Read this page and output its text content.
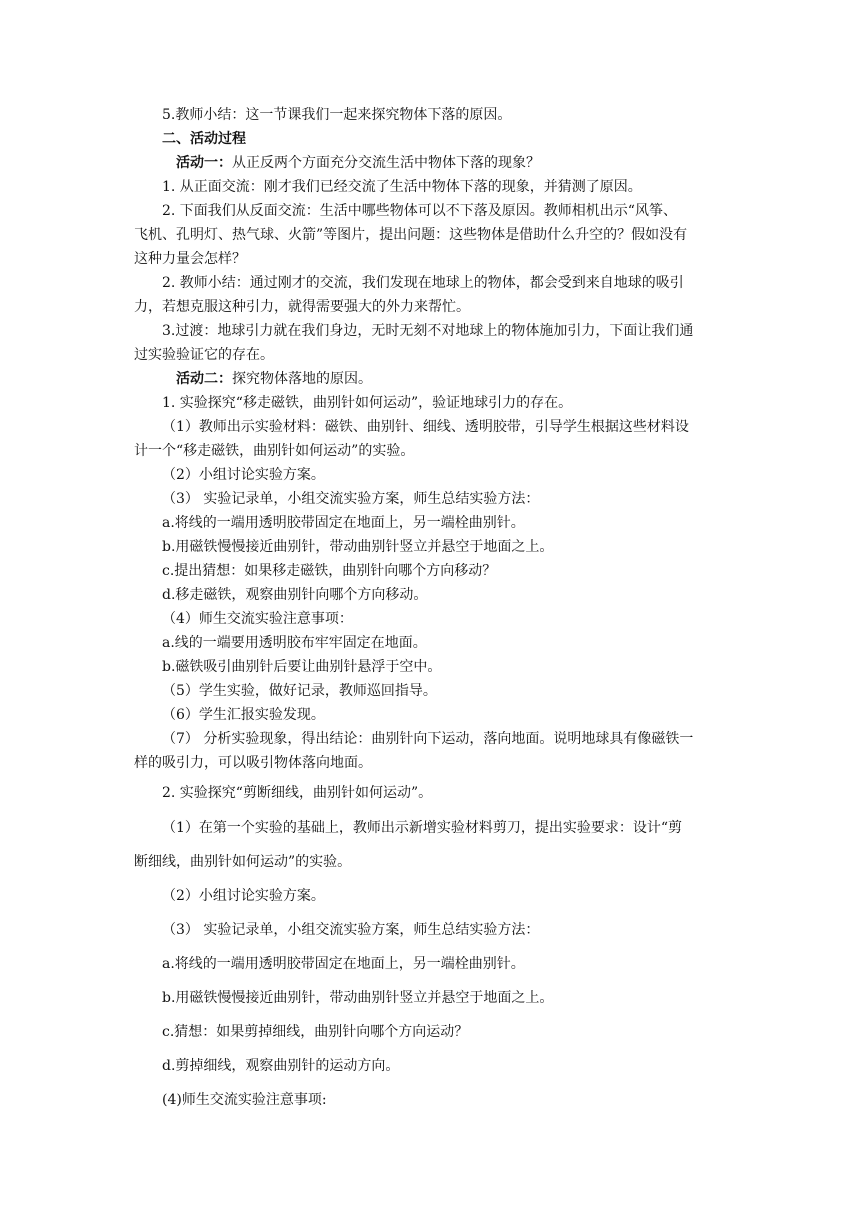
5.教师小结：这一节课我们一起来探究物体下落的原因。
二、活动过程
活动一：从正反两个方面充分交流生活中物体下落的现象？
1. 从正面交流：刚才我们已经交流了生活中物体下落的现象，并猜测了原因。
2. 下面我们从反面交流：生活中哪些物体可以不下落及原因。教师相机出示“风筝、
飞机、孔明灯、热气球、火箭”等图片，提出问题：这些物体是借助什么升空的？假如没有
这种力量会怎样？
2. 教师小结：通过刚才的交流，我们发现在地球上的物体，都会受到来自地球的吸引
力，若想克服这种引力，就得需要强大的外力来帮忙。
3.过渡：地球引力就在我们身边，无时无刻不对地球上的物体施加引力，下面让我们通
过实验验证它的存在。
活动二：探究物体落地的原因。
1. 实验探究“移走磁铁，曲别针如何运动”，验证地球引力的存在。
（1）教师出示实验材料：磁铁、曲别针、细线、透明胶带，引导学生根据这些材料设
计一个“移走磁铁，曲别针如何运动”的实验。
（2）小组讨论实验方案。
（3） 实验记录单，小组交流实验方案，师生总结实验方法：
a.将线的一端用透明胶带固定在地面上，另一端栓曲别针。
b.用磁铁慢慢接近曲别针，带动曲别针竖立并悬空于地面之上。
c.提出猜想：如果移走磁铁，曲别针向哪个方向移动？
d.移走磁铁，观察曲别针向哪个方向移动。
（4）师生交流实验注意事项：
a.线的一端要用透明胶布牢牢固定在地面。
b.磁铁吸引曲别针后要让曲别针悬浮于空中。
（5）学生实验，做好记录，教师巡回指导。
（6）学生汇报实验发现。
（7） 分析实验现象，得出结论：曲别针向下运动，落向地面。说明地球具有像磁铁一
样的吸引力，可以吸引物体落向地面。
2. 实验探究“剪断细线，曲别针如何运动”。
（1）在第一个实验的基础上，教师出示新增实验材料剪刀，提出实验要求：设计“剪
断细线，曲别针如何运动”的实验。
（2）小组讨论实验方案。
（3） 实验记录单，小组交流实验方案，师生总结实验方法：
a.将线的一端用透明胶带固定在地面上，另一端栓曲别针。
b.用磁铁慢慢接近曲别针，带动曲别针竖立并悬空于地面之上。
c.猜想：如果剪掉细线，曲别针向哪个方向运动？
d.剪掉细线，观察曲别针的运动方向。
(4)师生交流实验注意事项:
